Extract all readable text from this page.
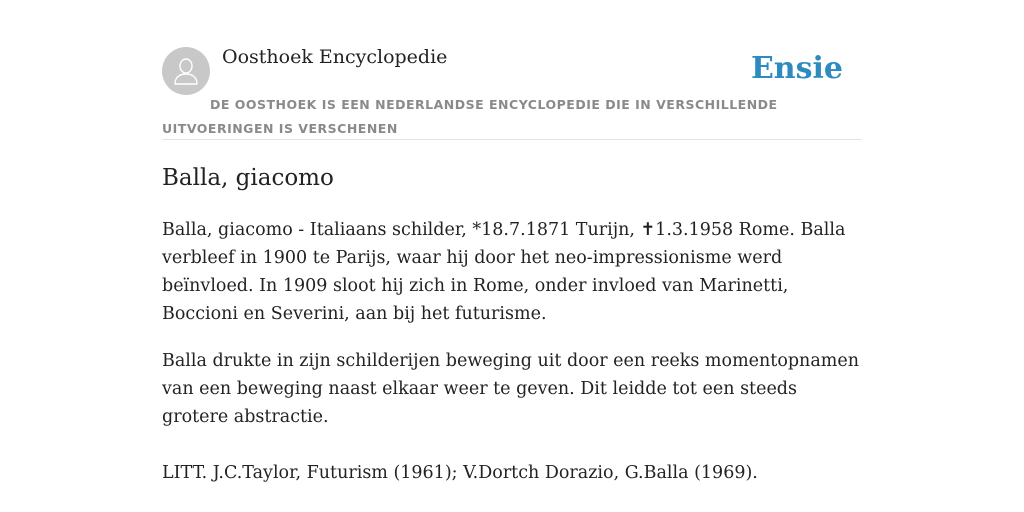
Oosthoek Encyclopedie	Ensie
DE OOSTHOEK IS EEN NEDERLANDSE ENCYCLOPEDIE DIE IN VERSCHILLENDE UITVOERINGEN IS VERSCHENEN
Balla, giacomo

Balla, giacomo - Italiaans schilder, *18.7.1871 Turijn, ✝1.3.1958 Rome. Balla verbleef in 1900 te Parijs, waar hij door het neo-impressionisme werd beïnvloed. In 1909 sloot hij zich in Rome, onder invloed van Marinetti, Boccioni en Severini, aan bij het futurisme.

Balla drukte in zijn schilderijen beweging uit door een reeks momentopnamen van een beweging naast elkaar weer te geven. Dit leidde tot een steeds grotere abstractie.

LITT. J.C.Taylor, Futurism (1961); V.Dortch Dorazio, G.Balla (1969).
